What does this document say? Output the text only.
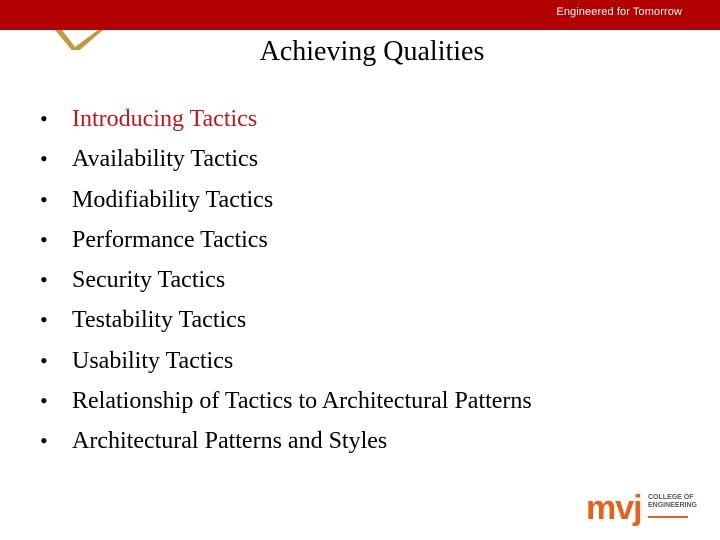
Engineered for Tomorrow
Achieving Qualities
• Introducing Tactics
• Availability Tactics
• Modifiability Tactics
• Performance Tactics
• Security Tactics
• Testability Tactics
• Usability Tactics
• Relationship of Tactics to Architectural Patterns
• Architectural Patterns and Styles
mvj COLLEGE OF
ENGINEERING
